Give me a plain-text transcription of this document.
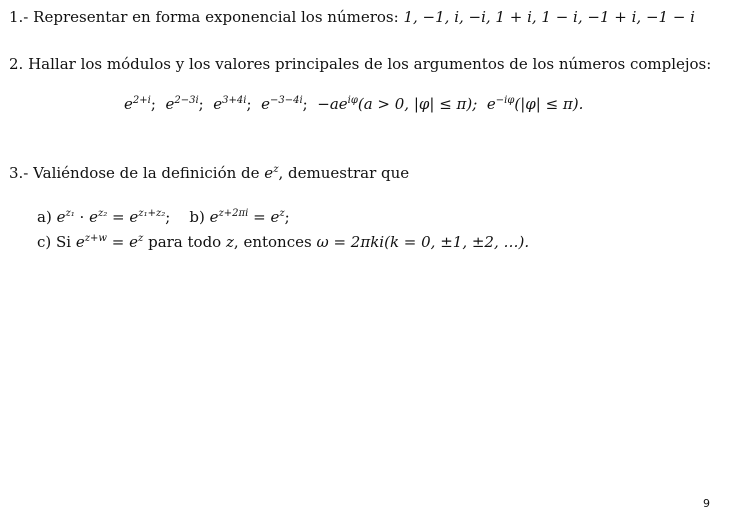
1.- Representar en forma exponencial los números: 1, −1, i, −i, 1 + i, 1 − i, −1 + i, −1 − i
2. Hallar los módulos y los valores principales de los argumentos de los números complejos:
$e^{2+i}$; $e^{2-3i}$; $e^{3+4i}$; $e^{-3-4i}$; $-ae^{i\varphi}(a > 0$, |φ| ≤ π); $e^{-i\varphi}(|\varphi| \le \pi)$.
3.- Valiéndose de la definición de $e^z$, demuestrar que
a) $e^{z_1} \cdot e^{z_2} = e^{z_1+z_2}$; b) $e^{z+2\pi i} = e^z$;
c) Si $e^{z+w} = e^z$ para todo z, entonces ω = 2πki(k = 0, ±1, ±2, …).
9
